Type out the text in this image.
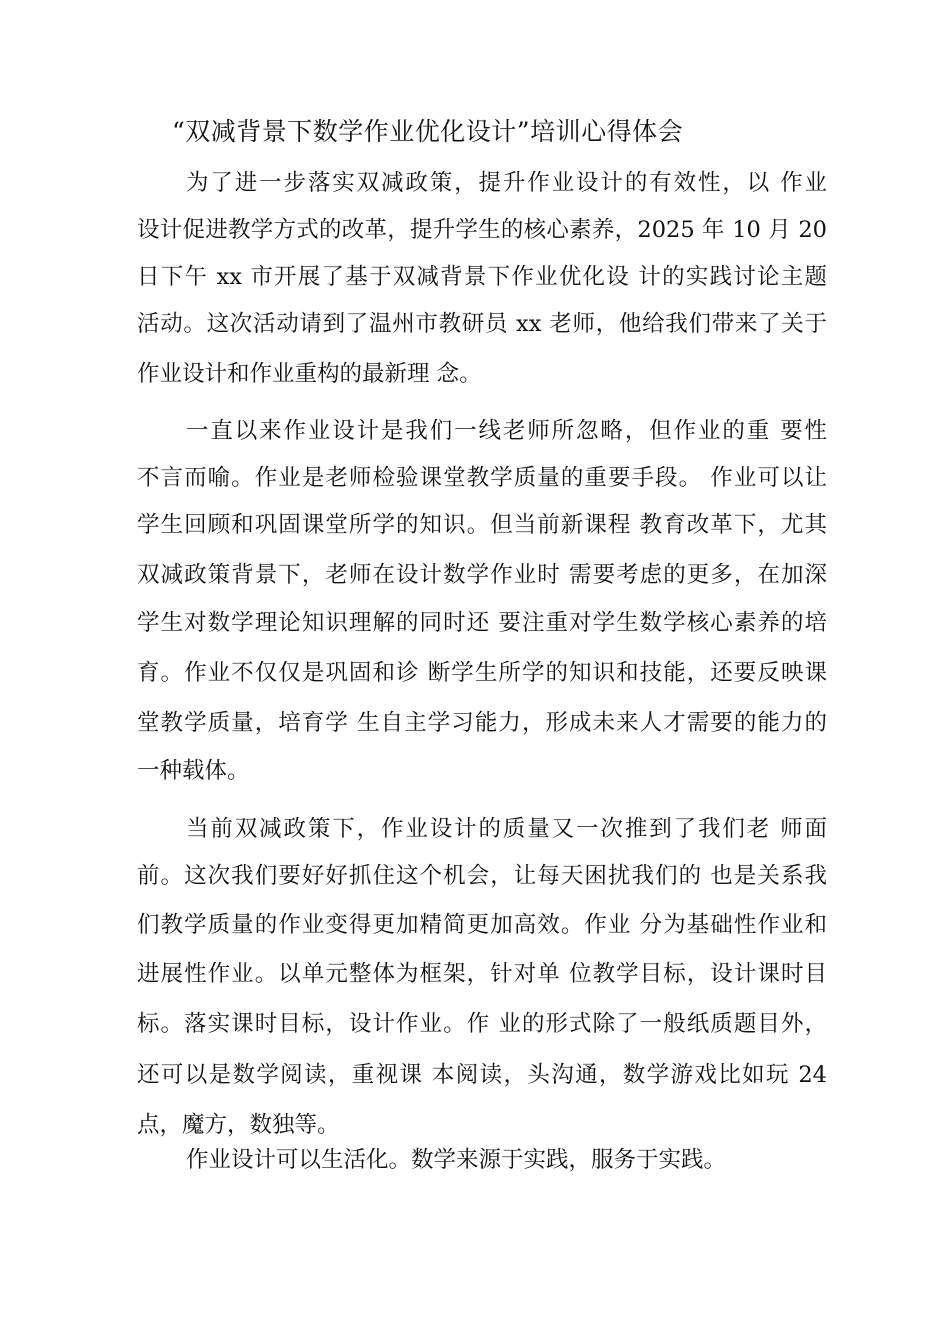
“双减背景下数学作业优化设计”培训心得体会
为了进一步落实双减政策，提升作业设计的有效性，以 作业
设计促进教学方式的改革，提升学生的核心素养，2025 年 10 月 20
日下午 xx 市开展了基于双减背景下作业优化设 计的实践讨论主题
活动。这次活动请到了温州市教研员 xx 老师，他给我们带来了关于
作业设计和作业重构的最新理 念。
一直以来作业设计是我们一线老师所忽略，但作业的重 要性
不言而喻。作业是老师检验课堂教学质量的重要手段。 作业可以让
学生回顾和巩固课堂所学的知识。但当前新课程 教育改革下，尤其
双减政策背景下，老师在设计数学作业时 需要考虑的更多，在加深
学生对数学理论知识理解的同时还 要注重对学生数学核心素养的培
育。作业不仅仅是巩固和诊 断学生所学的知识和技能，还要反映课
堂教学质量，培育学 生自主学习能力，形成未来人才需要的能力的
一种载体。
当前双减政策下，作业设计的质量又一次推到了我们老 师面
前。这次我们要好好抓住这个机会，让每天困扰我们的 也是关系我
们教学质量的作业变得更加精简更加高效。作业 分为基础性作业和
进展性作业。以单元整体为框架，针对单 位教学目标，设计课时目
标。落实课时目标，设计作业。作 业的形式除了一般纸质题目外，
还可以是数学阅读，重视课 本阅读，头沟通，数学游戏比如玩 24
点，魔方，数独等。
作业设计可以生活化。数学来源于实践，服务于实践。
